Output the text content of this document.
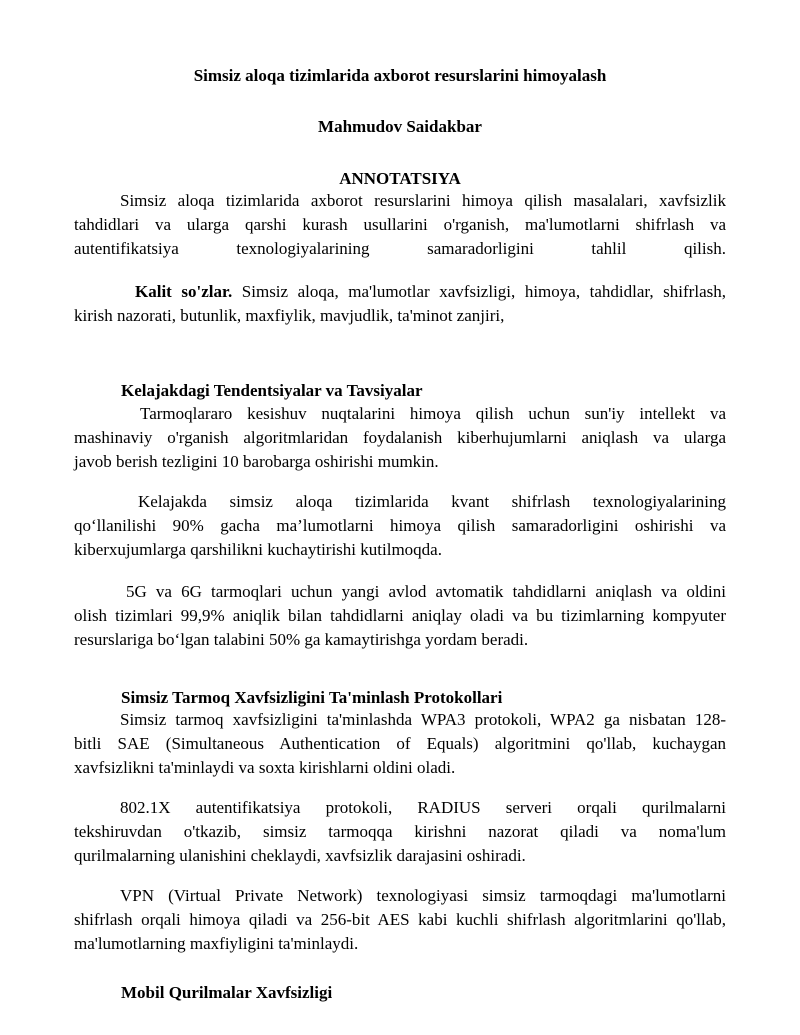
Simsiz aloqa tizimlarida axborot resurslarini himoyalash
Mahmudov Saidakbar
ANNOTATSIYA
Simsiz aloqa tizimlarida axborot resurslarini himoya qilish masalalari, xavfsizlik
tahdidlari va ularga qarshi kurash usullarini o'rganish, ma'lumotlarni shifrlash va
autentifikatsiya texnologiyalarining samaradorligini tahlil qilish.
Kalit so'zlar. Simsiz aloqa, ma'lumotlar xavfsizligi, himoya, tahdidlar, shifrlash,
kirish nazorati, butunlik, maxfiylik, mavjudlik, ta'minot zanjiri,
Kelajakdagi Tendentsiyalar va Tavsiyalar
Tarmoqlararo kesishuv nuqtalarini himoya qilish uchun sun'iy intellekt va
mashinaviy o'rganish algoritmlaridan foydalanish kiberhujumlarni aniqlash va ularga
javob berish tezligini 10 barobarga oshirishi mumkin.
Kelajakda simsiz aloqa tizimlarida kvant shifrlash texnologiyalarining
qo‘llanilishi 90% gacha ma’lumotlarni himoya qilish samaradorligini oshirishi va
kiberxujumlarga qarshilikni kuchaytirishi kutilmoqda.
5G va 6G tarmoqlari uchun yangi avlod avtomatik tahdidlarni aniqlash va oldini
olish tizimlari 99,9% aniqlik bilan tahdidlarni aniqlay oladi va bu tizimlarning kompyuter
resurslariga bo‘lgan talabini 50% ga kamaytirishga yordam beradi.
Simsiz Tarmoq Xavfsizligini Ta'minlash Protokollari
Simsiz tarmoq xavfsizligini ta'minlashda WPA3 protokoli, WPA2 ga nisbatan 128-
bitli SAE (Simultaneous Authentication of Equals) algoritmini qo'llab, kuchaygan
xavfsizlikni ta'minlaydi va soxta kirishlarni oldini oladi.
802.1X autentifikatsiya protokoli, RADIUS serveri orqali qurilmalarni
tekshiruvdan o'tkazib, simsiz tarmoqqa kirishni nazorat qiladi va noma'lum
qurilmalarning ulanishini cheklaydi, xavfsizlik darajasini oshiradi.
VPN (Virtual Private Network) texnologiyasi simsiz tarmoqdagi ma'lumotlarni
shifrlash orqali himoya qiladi va 256-bit AES kabi kuchli shifrlash algoritmlarini qo'llab,
ma'lumotlarning maxfiyligini ta'minlaydi.
Mobil Qurilmalar Xavfsizligi
